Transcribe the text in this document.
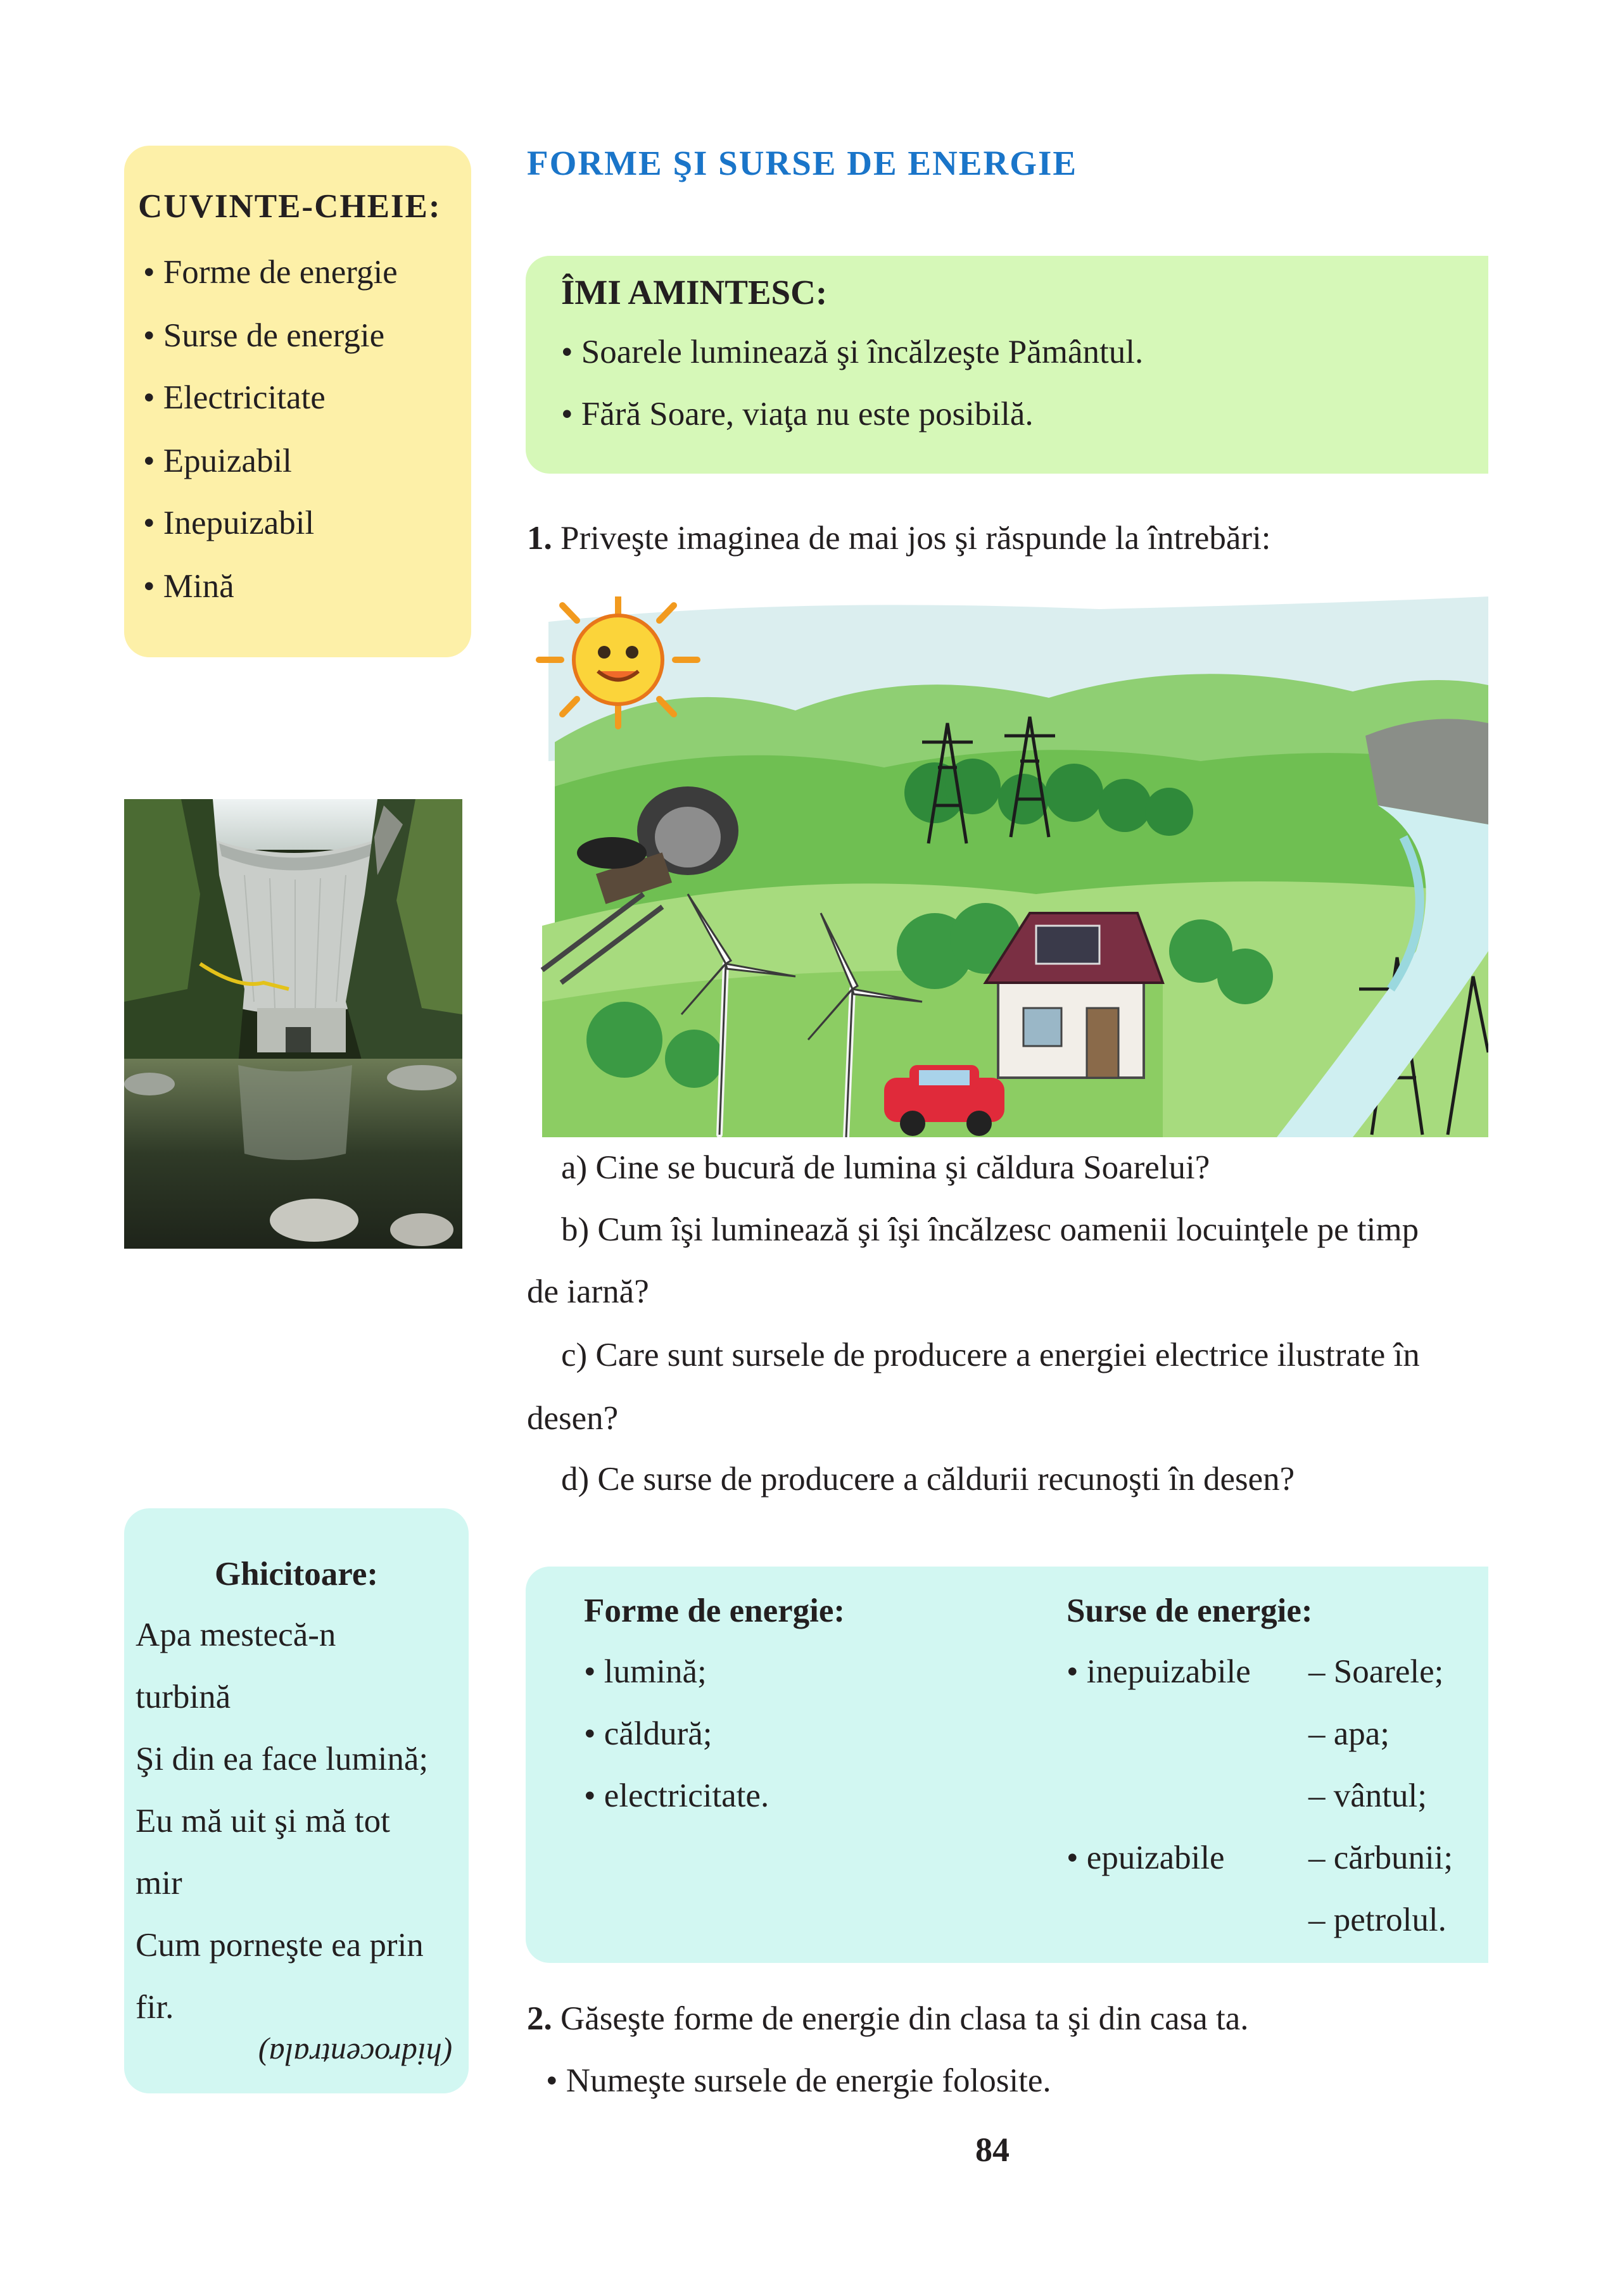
CUVINTE-CHEIE:
• Forme de energie
• Surse de energie
• Electricitate
• Epuizabil
• Inepuizabil
• Mină
Ghicitoare:
Apa mestecă-n
turbină
Şi din ea face lumină;
Eu mă uit şi mă tot
mir
Cum porneşte ea prin
fir.
(hidrocentrala)
FORME ŞI SURSE DE ENERGIE
ÎMI AMINTESC:
• Soarele luminează şi încălzeşte Pământul.
• Fără Soare, viaţa nu este posibilă.
1. Priveşte imaginea de mai jos şi răspunde la întrebări:
a) Cine se bucură de lumina şi căldura Soarelui?
b) Cum îşi luminează şi îşi încălzesc oamenii locuinţele pe timp
de iarnă?
c) Care sunt sursele de producere a energiei electrice ilustrate în
desen?
d) Ce surse de producere a căldurii recunoşti în desen?
Forme de energie:
• lumină;
• căldură;
• electricitate.
Surse de energie:
• inepuizabile – Soarele;
– apa;
– vântul;
• epuizabile – cărbunii;
– petrolul.
2. Găseşte forme de energie din clasa ta şi din casa ta.
• Numeşte sursele de energie folosite.
84
